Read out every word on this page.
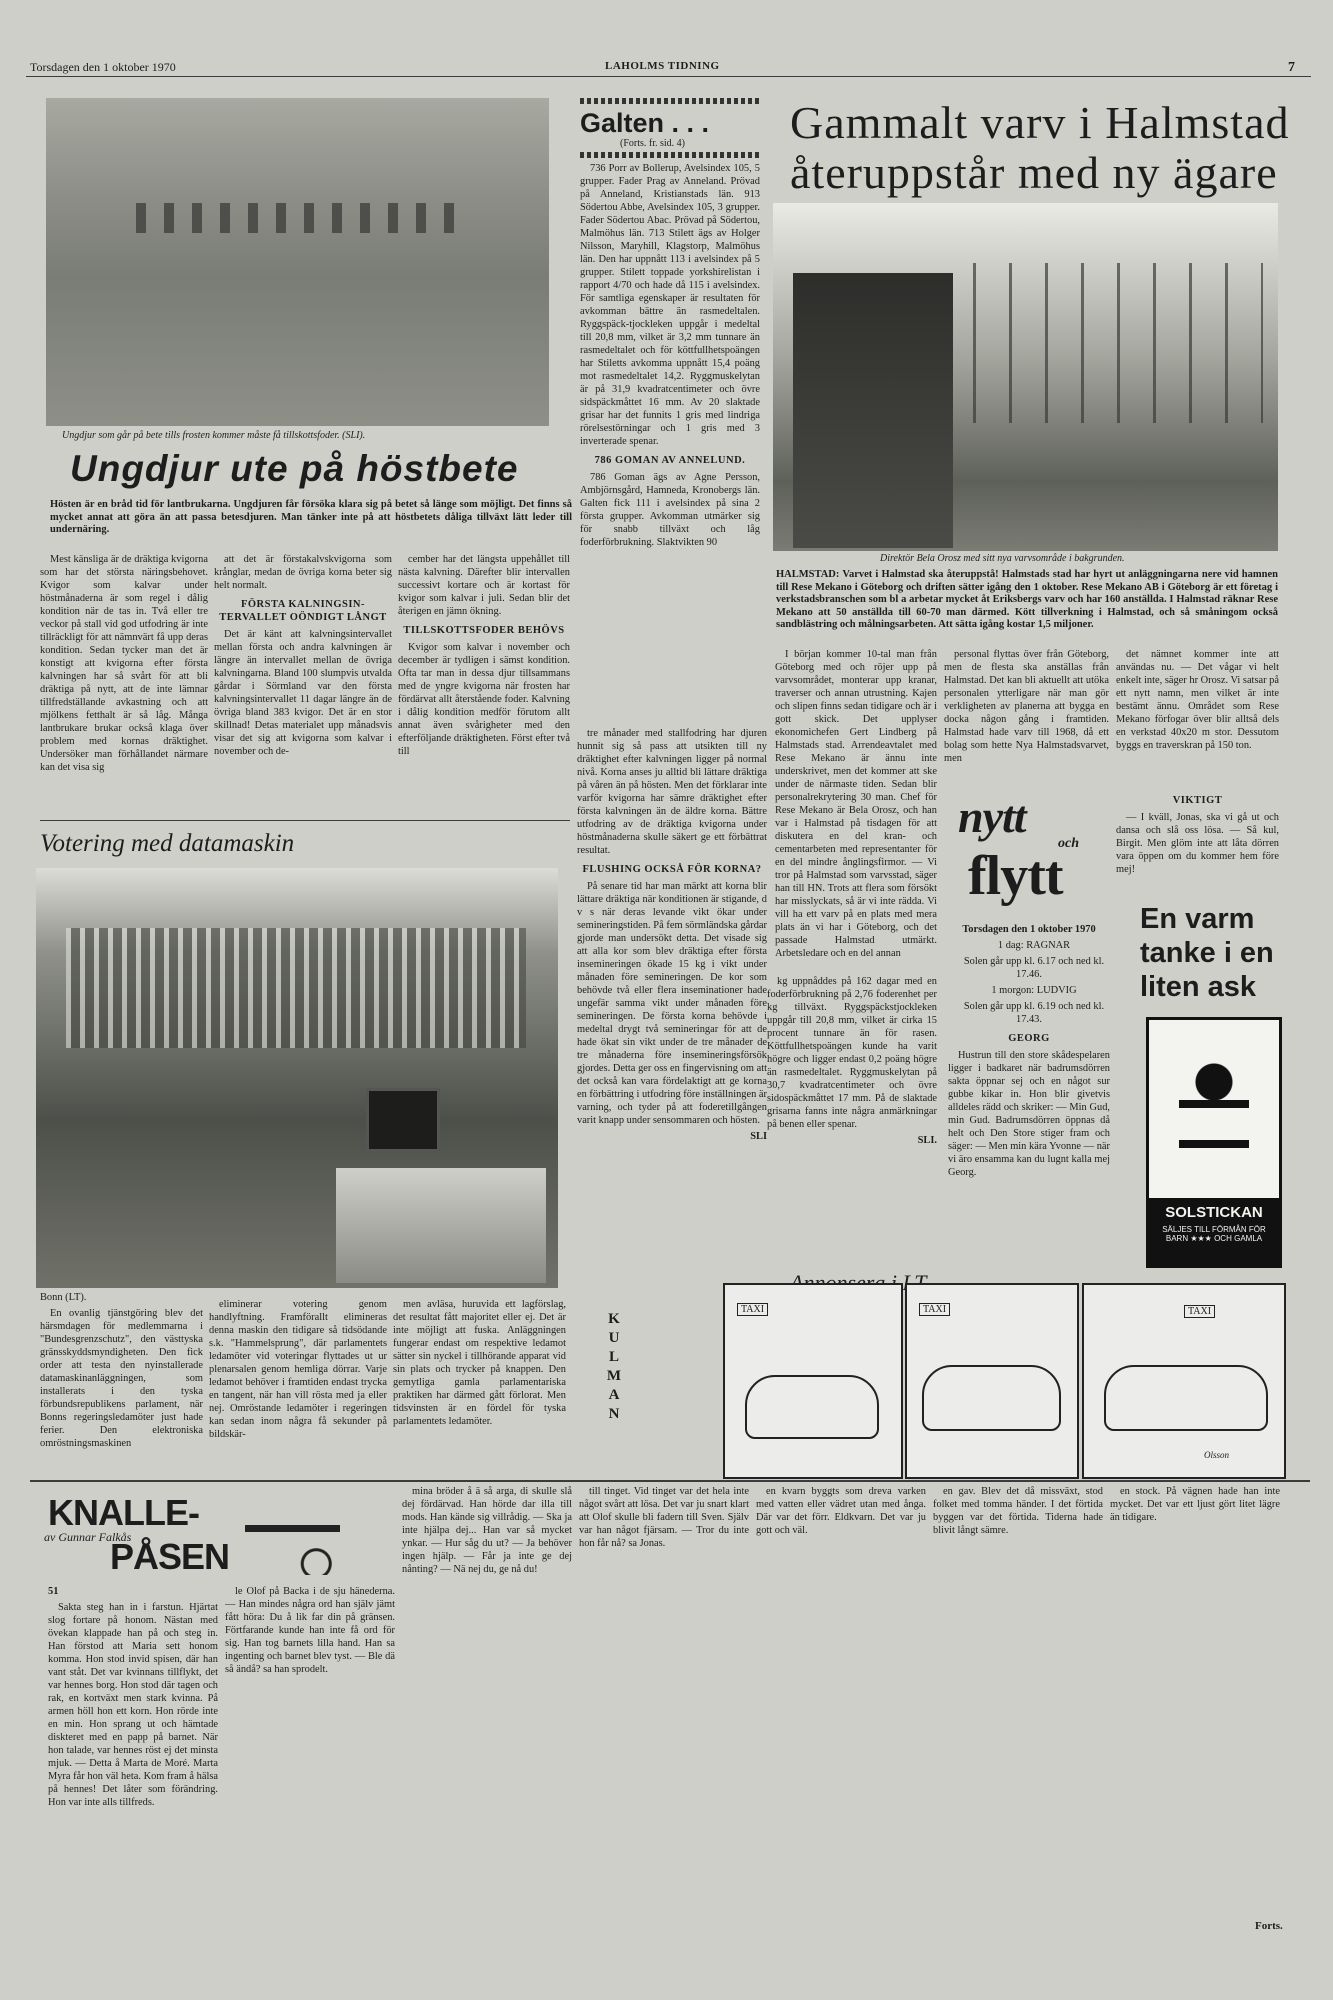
Torsdagen den 1 oktober 1970	LAHOLMS TIDNING	7
Ungdjur som går på bete tills frosten kommer måste få tillskottsfoder. (SLI).
Ungdjur ute på höstbete
Hösten är en bråd tid för lantbrukarna. Ungdjuren får försöka klara sig på betet så länge som möjligt. Det finns så mycket annat att göra än att passa betesdjuren. Man tänker inte på att höstbetets dåliga tillväxt lätt leder till undernäring.

Mest känsliga är de dräktiga kvigorna som har det största näringsbehovet. Kvigor som kalvar under höstmånaderna är som regel i dålig kondition när de tas in. Två eller tre veckor på stall vid god utfodring är inte tillräckligt för att nämnvärt få upp deras kondition. Sedan tycker man det är konstigt att kvigorna efter första kalvningen har så svårt för att bli dräktiga på nytt, att de inte lämnar tillfredställande avkastning och att mjölkens fetthalt är så låg. Många lantbrukare brukar också klaga över problem med kornas dräktighet. Undersöker man förhållandet närmare kan det visa sig

att det är förstakalvskvigorna som krånglar, medan de övriga korna beter sig helt normalt.

FÖRSTA KALNINGSIN-TERVALLET OÖNDIGT LÅNGT

Det är känt att kalvningsintervallet mellan första och andra kalvningen är längre än intervallet mellan de övriga kalvningarna. Bland 100 slumpvis utvalda gårdar i Sörmland var den första kalvningsintervallet 11 dagar längre än de övriga bland 383 kvigor. Det är en stor skillnad! Detas materialet upp månadsvis visar det sig att kvigorna som kalvar i november och de-

cember har det längsta uppehållet till nästa kalvning. Därefter blir intervallen successivt kortare och är kortast för kvigor som kalvar i juli. Sedan blir det återigen en jämn ökning.

TILLSKOTTSFODER BEHÖVS

Kvigor som kalvar i november och december är tydligen i sämst kondition. Ofta tar man in dessa djur tillsammans med de yngre kvigorna när frosten har fördärvat allt återstående foder. Kalvning i dålig kondition medför förutom allt annat även svårigheter med den efterföljande dräktigheten. Först efter två till

Votering med datamaskin

Bonn (LT).

En ovanlig tjänstgöring blev det härsmdagen för medlemmarna i "Bundesgrenzschutz", den västtyska gränsskyddsmyndigheten. Den fick order att testa den nyinstallerade datamaskinanläggningen, som installerats i den tyska förbundsrepublikens parlament, när Bonns regeringsledamöter just hade ferier. Den elektroniska omröstningsmaskinen

eliminerar votering genom handlyftning. Framförallt elimineras denna maskin den tidigare så tidsödande s.k. "Hammelsprung", där parlamentets ledamöter vid voteringar flyttades ut ur plenarsalen genom hemliga dörrar. Varje ledamot behöver i framtiden endast trycka en tangent, när han vill rösta med ja eller nej. Omröstande ledamöter i regeringen kan sedan inom några få sekunder på bildskär-

men avläsa, huruvida ett lagförslag, det resultat fått majoritet eller ej. Det är inte möjligt att fuska. Anläggningen fungerar endast om respektive ledamot sätter sin nyckel i tillhörande apparat vid sin plats och trycker på knappen. Den gemytliga gamla parlamentariska praktiken har därmed gått förlorat. Men tidsvinsten är en fördel för tyska parlamentets ledamöter.

Galten . . .
(Forts. fr. sid. 4)

736 Porr av Bollerup, Avelsindex 105, 5 grupper. Fader Prag av Anneland. Prövad på Anneland, Kristianstads län. 913 Södertou Abbe, Avelsindex 105, 3 grupper. Fader Södertou Abac. Prövad på Södertou, Malmöhus län. 713 Stilett ägs av Holger Nilsson, Maryhill, Klagstorp, Malmöhus län. Den har uppnått 113 i avelsindex på 5 grupper. Stilett toppade yorkshirelistan i rapport 4/70 och hade då 115 i avelsindex. För samtliga egenskaper är resultaten för avkomman bättre än rasmedeltalen. Ryggspäck-tjockleken uppgår i medeltal till 20,8 mm, vilket är 3,2 mm tunnare än rasmedeltalet och för köttfullhetspoängen har Stiletts avkomma uppnått 15,4 poäng mot rasmedeltalet 14,2. Ryggmuskelytan är på 31,9 kvadratcentimeter och övre sidspäckmåttet 16 mm. Av 20 slaktade grisar har det funnits 1 gris med lindriga rörelsestörningar och 1 gris med 3 inverterade spenar.

786 GOMAN AV ANNELUND.

786 Goman ägs av Agne Persson, Ambjörnsgård, Hamneda, Kronobergs län. Galten fick 111 i avelsindex på sina 2 första grupper. Avkomman utmärker sig för snabb tillväxt och låg foderförbrukning. Slaktvikten 90

tre månader med stallfodring har djuren hunnit sig så pass att utsikten till ny dräktighet efter kalvningen ligger på normal nivå. Korna anses ju alltid bli lättare dräktiga på våren än på hösten. Men det förklarar inte varför kvigorna har sämre dräktighet efter första kalvningen än de äldre korna. Bättre utfodring av de dräktiga kvigorna under höstmånaderna skulle säkert ge ett förbättrat resultat.

FLUSHING OCKSÅ FÖR KORNA?

På senare tid har man märkt att korna blir lättare dräktiga när konditionen är stigande, d v s när deras levande vikt ökar under semineringstiden. På fem sörmländska gårdar gjorde man undersökt detta. Det visade sig att alla kor som blev dräktiga efter första insemineringen ökade 15 kg i vikt under månaden före semineringen. De kor som behövde två eller flera inseminationer hade ungefär samma vikt under månaden före semineringen. De första korna behövde i medeltal drygt två semineringar för att de hade ökat sin vikt under de tre månader de tre månaderna före insemineringsförsök gjordes. Detta ger oss en fingervisning om att det också kan vara fördelaktigt att ge korna en förbättring i utfodring före inställningen är varning, och tyder på att foderetillgången varit knapp under sensommaren och hösten.

SLI

Gammalt varv i Halmstad
återuppstår med ny ägare
Direktör Bela Orosz med sitt nya varvsområde i bakgrunden.
HALMSTAD: Varvet i Halmstad ska återuppstå! Halmstads stad har hyrt ut anläggningarna nere vid hamnen till Rese Mekano i Göteborg och driften sätter igång den 1 oktober. Rese Mekano AB i Göteborg är ett företag i verkstadsbranschen som bl a arbetar mycket åt Eriksbergs varv och har 160 anställda. I Halmstad räknar Rese Mekano att 50 anställda till 60-70 man därmed. Kött tillverkning i Halmstad, och så småningom också sandblästring och målningsarbeten. Att sätta igång kostar 1,5 miljoner.

I början kommer 10-tal man från Göteborg med och röjer upp på varvsområdet, monterar upp kranar, traverser och annan utrustning. Kajen och slipen finns sedan tidigare och är i gott skick. Det upplyser ekonomichefen Gert Lindberg på Halmstads stad. Arrendeavtalet med Rese Mekano är ännu inte underskrivet, men det kommer att ske under de närmaste tiden. Sedan blir personalrekrytering 30 man. Chef för Rese Mekano är Bela Orosz, och han var i Halmstad på tisdagen för att diskutera en del kran- och cementarbeten med representanter för en del mindre ånglingsfirmor. — Vi tror på Halmstad som varvsstad, säger han till HN. Trots att flera som försökt har misslyckats, så är vi inte rädda. Vi vill ha ett varv på en plats med mera plats än vi har i Göteborg, och det passade Halmstad utmärkt. Arbetsledare och en del annan

personal flyttas över från Göteborg, men de flesta ska anställas från Halmstad. Det kan bli aktuellt att utöka personalen ytterligare när man gör verkligheten av planerna att bygga en docka någon gång i framtiden. Halmstad hade varv till 1968, då ett bolag som hette Nya Halmstadsvarvet, men

det nämnet kommer inte att användas nu. — Det vågar vi helt enkelt inte, säger hr Orosz. Vi satsar på ett nytt namn, men vilket är inte bestämt ännu. Området som Rese Mekano förfogar över blir alltså dels en verkstad 40x20 m stor. Dessutom byggs en traverskran på 150 ton.

kg uppnåddes på 162 dagar med en foderförbrukning på 2,76 foderenhet per kg tillväxt. Ryggspäckstjockleken uppgår till 20,8 mm, vilket är cirka 15 procent tunnare än för rasen. Köttfullhetspoängen kunde ha varit högre och ligger endast 0,2 poäng högre än rasmedeltalet. Ryggmuskelytan på 30,7 kvadratcentimeter och övre sidospäckmåttet 17 mm. På de slaktade grisarna fanns inte några anmärkningar på benen eller spenar.

SLI.

nytt
och
flytt

Torsdagen den 1 oktober 1970

1 dag: RAGNAR

Solen går upp kl. 6.17 och ned kl. 17.46.

1 morgon: LUDVIG

Solen går upp kl. 6.19 och ned kl. 17.43.

GEORG

Hustrun till den store skådespelaren ligger i badkaret när badrumsdörren sakta öppnar sej och en något sur gubbe kikar in. Hon blir givetvis alldeles rädd och skriker: — Min Gud, min Gud. Badrumsdörren öppnas då helt och Den Store stiger fram och säger: — Men min kära Yvonne — när vi äro ensamma kan du lugnt kalla mej Georg.

VIKTIGT

— I kväll, Jonas, ska vi gå ut och dansa och slå oss lösa. — Så kul, Birgit. Men glöm inte att låta dörren vara öppen om du kommer hem före mej!

En varm tanke i en liten ask
SOLSTICKAN
SÄLJES TILL FÖRMÅN FÖR
BARN ★★★ OCH GAMLA
KULMAN
TAXI	TAXI	TAXI
Olsson
KNALLE-
av Gunnar Falkås
PÅSEN

51

Sakta steg han in i farstun. Hjärtat slog fortare på honom. Nästan med övekan klappade han på och steg in. Han förstod att Maria sett honom komma. Hon stod invid spisen, där han vant ståt. Det var kvinnans tillflykt, det var hennes borg. Hon stod där tagen och rak, en kortväxt men stark kvinna. På armen höll hon ett korn. Hon rörde inte en min. Hon sprang ut och hämtade diskteret med en papp på barnet. När hon talade, var hennes röst ej det minsta mjuk. — Detta å Marta de Moré. Marta Myra får hon väl heta. Kom fram å hälsa på hennes! Det låter som förändring. Hon var inte alls tillfreds.

le Olof på Backa i de sju hänederna. — Han mindes några ord han själv jämt fått höra: Du å lik far din på gränsen. Förtfarande kunde han inte få ord för sig. Han tog barnets lilla hand. Han sa ingenting och barnet blev tyst. — Ble dä så ändå? sa han sprodelt.

mina bröder å ä så arga, di skulle slå dej fördärvad. Han hörde dar illa till mods. Han kände sig villrådig. — Ska ja inte hjälpa dej... Han var så mycket ynkar. — Hur såg du ut? — Ja behöver ingen hjälp. — Får ja inte ge dej nånting? — Nä nej du, ge nå du!

till tinget. Vid tinget var det hela inte något svårt att lösa. Det var ju snart klart att Olof skulle bli fadern till Sven. Själv var han något fjärsam. — Tror du inte hon får nå? sa Jonas.

en kvarn byggts som dreva varken med vatten eller vädret utan med ånga. Där var det förr. Eldkvarn. Det var ju gott och väl.

en gav. Blev det då missväxt, stod folket med tomma händer. I det förtida byggen var det förtida. Tiderna hade blivit långt sämre.

en stock. På vägnen hade han inte mycket. Det var ett ljust gört litet lägre än tidigare.

Forts.
